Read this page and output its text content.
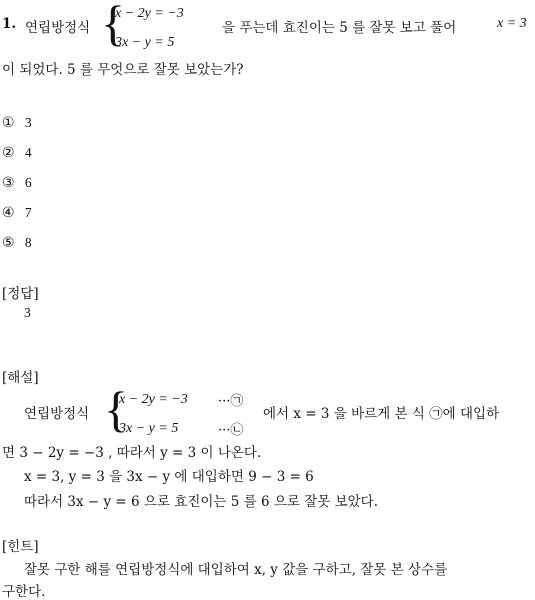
1. 연립방정식 {
x − 2y = −3
3x − y = 5
을 푸는데 효진이는 5 를 잘못 보고 풀어	x = 3
이 되었다. 5 를 무엇으로 잘못 보았는가?
① 3
② 4
③ 6
④ 7
⑤ 8
[정답]
3
[해설]
연립방정식 {
x − 2y = −3
3x − y = 5
···㉠
···㉡
에서 x = 3 을 바르게 본 식 ㉠에 대입하
면 3 − 2y = −3 , 따라서 y = 3 이 나온다.
x = 3, y = 3 을 3x − y 에 대입하면 9 − 3 = 6
따라서 3x − y = 6 으로 효진이는 5 를 6 으로 잘못 보았다.
[힌트]
잘못 구한 해를 연립방정식에 대입하여 x, y 값을 구하고, 잘못 본 상수를
구한다.
